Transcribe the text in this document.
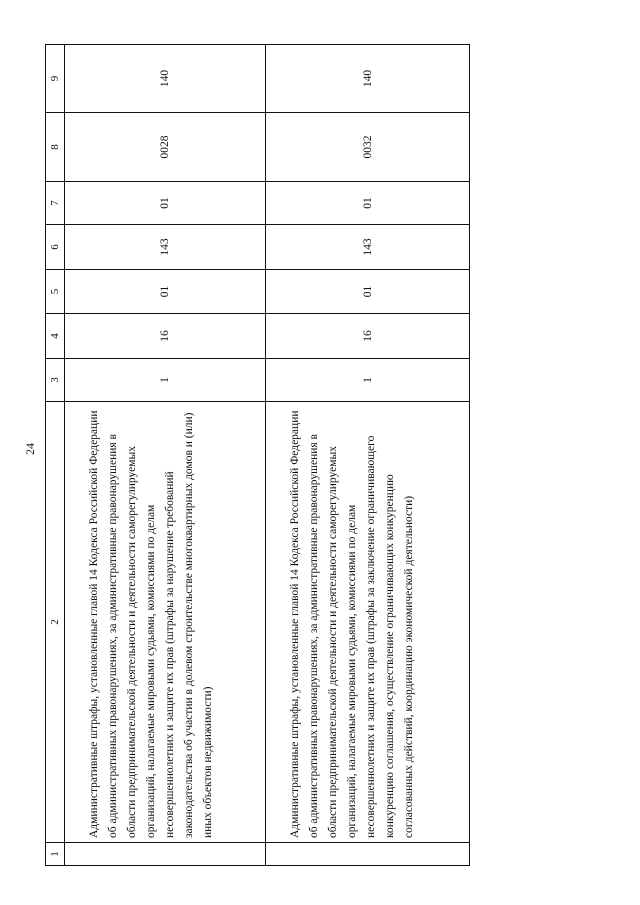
24
1	2	3	4	5	6	7	8	9
	Административные штрафы, установленные главой 14 Кодекса Российской Федерации об административных правонарушениях, за административные правонарушения в области предпринимательской деятельности и деятельности саморегулируемых организаций, налагаемые мировыми судьями, комиссиями по делам несовершеннолетних и защите их прав (штрафы за нарушение требований законодательства об участии в долевом строительстве многоквартирных домов и (или) иных объектов недвижимости)	1	16	01	143	01	0028	140
	Административные штрафы, установленные главой 14 Кодекса Российской Федерации об административных правонарушениях, за административные правонарушения в области предпринимательской деятельности и деятельности саморегулируемых организаций, налагаемые мировыми судьями, комиссиями по делам несовершеннолетних и защите их прав (штрафы за заключение ограничивающего конкуренцию соглашения, осуществление ограничивающих конкуренцию согласованных действий, координацию экономической деятельности)	1	16	01	143	01	0032	140
